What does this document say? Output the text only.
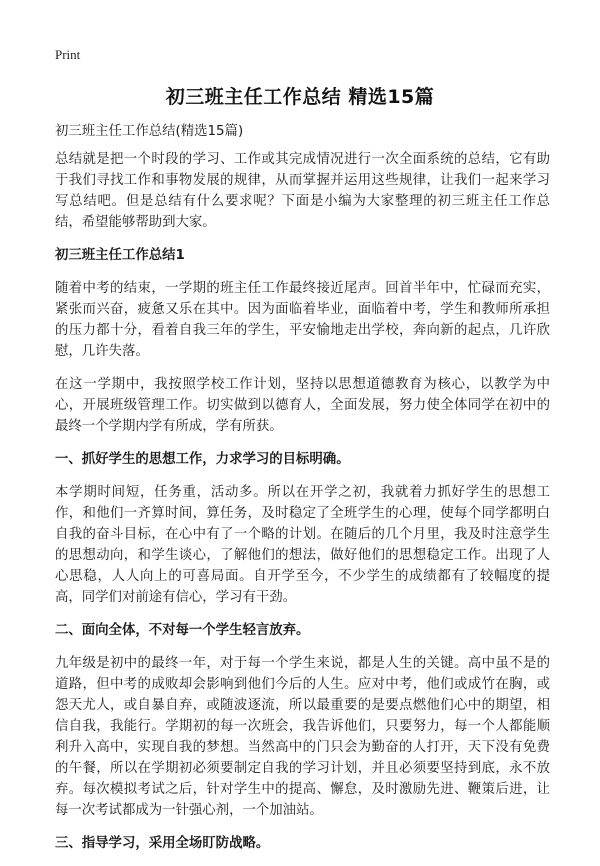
Print
初三班主任工作总结 精选15篇

初三班主任工作总结(精选15篇)

总结就是把一个时段的学习、工作或其完成情况进行一次全面系统的总结，它有助于我们寻找工作和事物发展的规律，从而掌握并运用这些规律，让我们一起来学习写总结吧。但是总结有什么要求呢？下面是小编为大家整理的初三班主任工作总结，希望能够帮助到大家。

初三班主任工作总结1

随着中考的结束，一学期的班主任工作最终接近尾声。回首半年中，忙碌而充实，紧张而兴奋，疲惫又乐在其中。因为面临着毕业，面临着中考，学生和教师所承担的压力都十分，看着自我三年的学生，平安愉地走出学校，奔向新的起点，几许欣慰，几许失落。

在这一学期中，我按照学校工作计划，坚持以思想道德教育为核心，以教学为中心，开展班级管理工作。切实做到以德育人，全面发展，努力使全体同学在初中的最终一个学期内学有所成，学有所获。

一、抓好学生的思想工作，力求学习的目标明确。

本学期时间短，任务重，活动多。所以在开学之初，我就着力抓好学生的思想工作，和他们一齐算时间，算任务，及时稳定了全班学生的心理，使每个同学都明白自我的奋斗目标，在心中有了一个略的计划。在随后的几个月里，我及时注意学生的思想动向，和学生谈心，了解他们的想法，做好他们的思想稳定工作。出现了人心思稳，人人向上的可喜局面。自开学至今，不少学生的成绩都有了较幅度的提高，同学们对前途有信心，学习有干劲。

二、面向全体，不对每一个学生轻言放弃。

九年级是初中的最终一年，对于每一个学生来说，都是人生的关键。高中虽不是的道路，但中考的成败却会影响到他们今后的人生。应对中考，他们或成竹在胸，或怨天尤人，或自暴自弃，或随波逐流，所以最重要的是要点燃他们心中的期望，相信自我，我能行。学期初的每一次班会，我告诉他们，只要努力，每一个人都能顺利升入高中，实现自我的梦想。当然高中的门只会为勤奋的人打开，天下没有免费的午餐，所以在学期初必须要制定自我的学习计划，并且必须要坚持到底，永不放弃。每次模拟考试之后，针对学生中的提高、懈怠，及时激励先进、鞭策后进，让每一次考试都成为一针强心剂，一个加油站。

三、指导学习，采用全场盯防战略。
